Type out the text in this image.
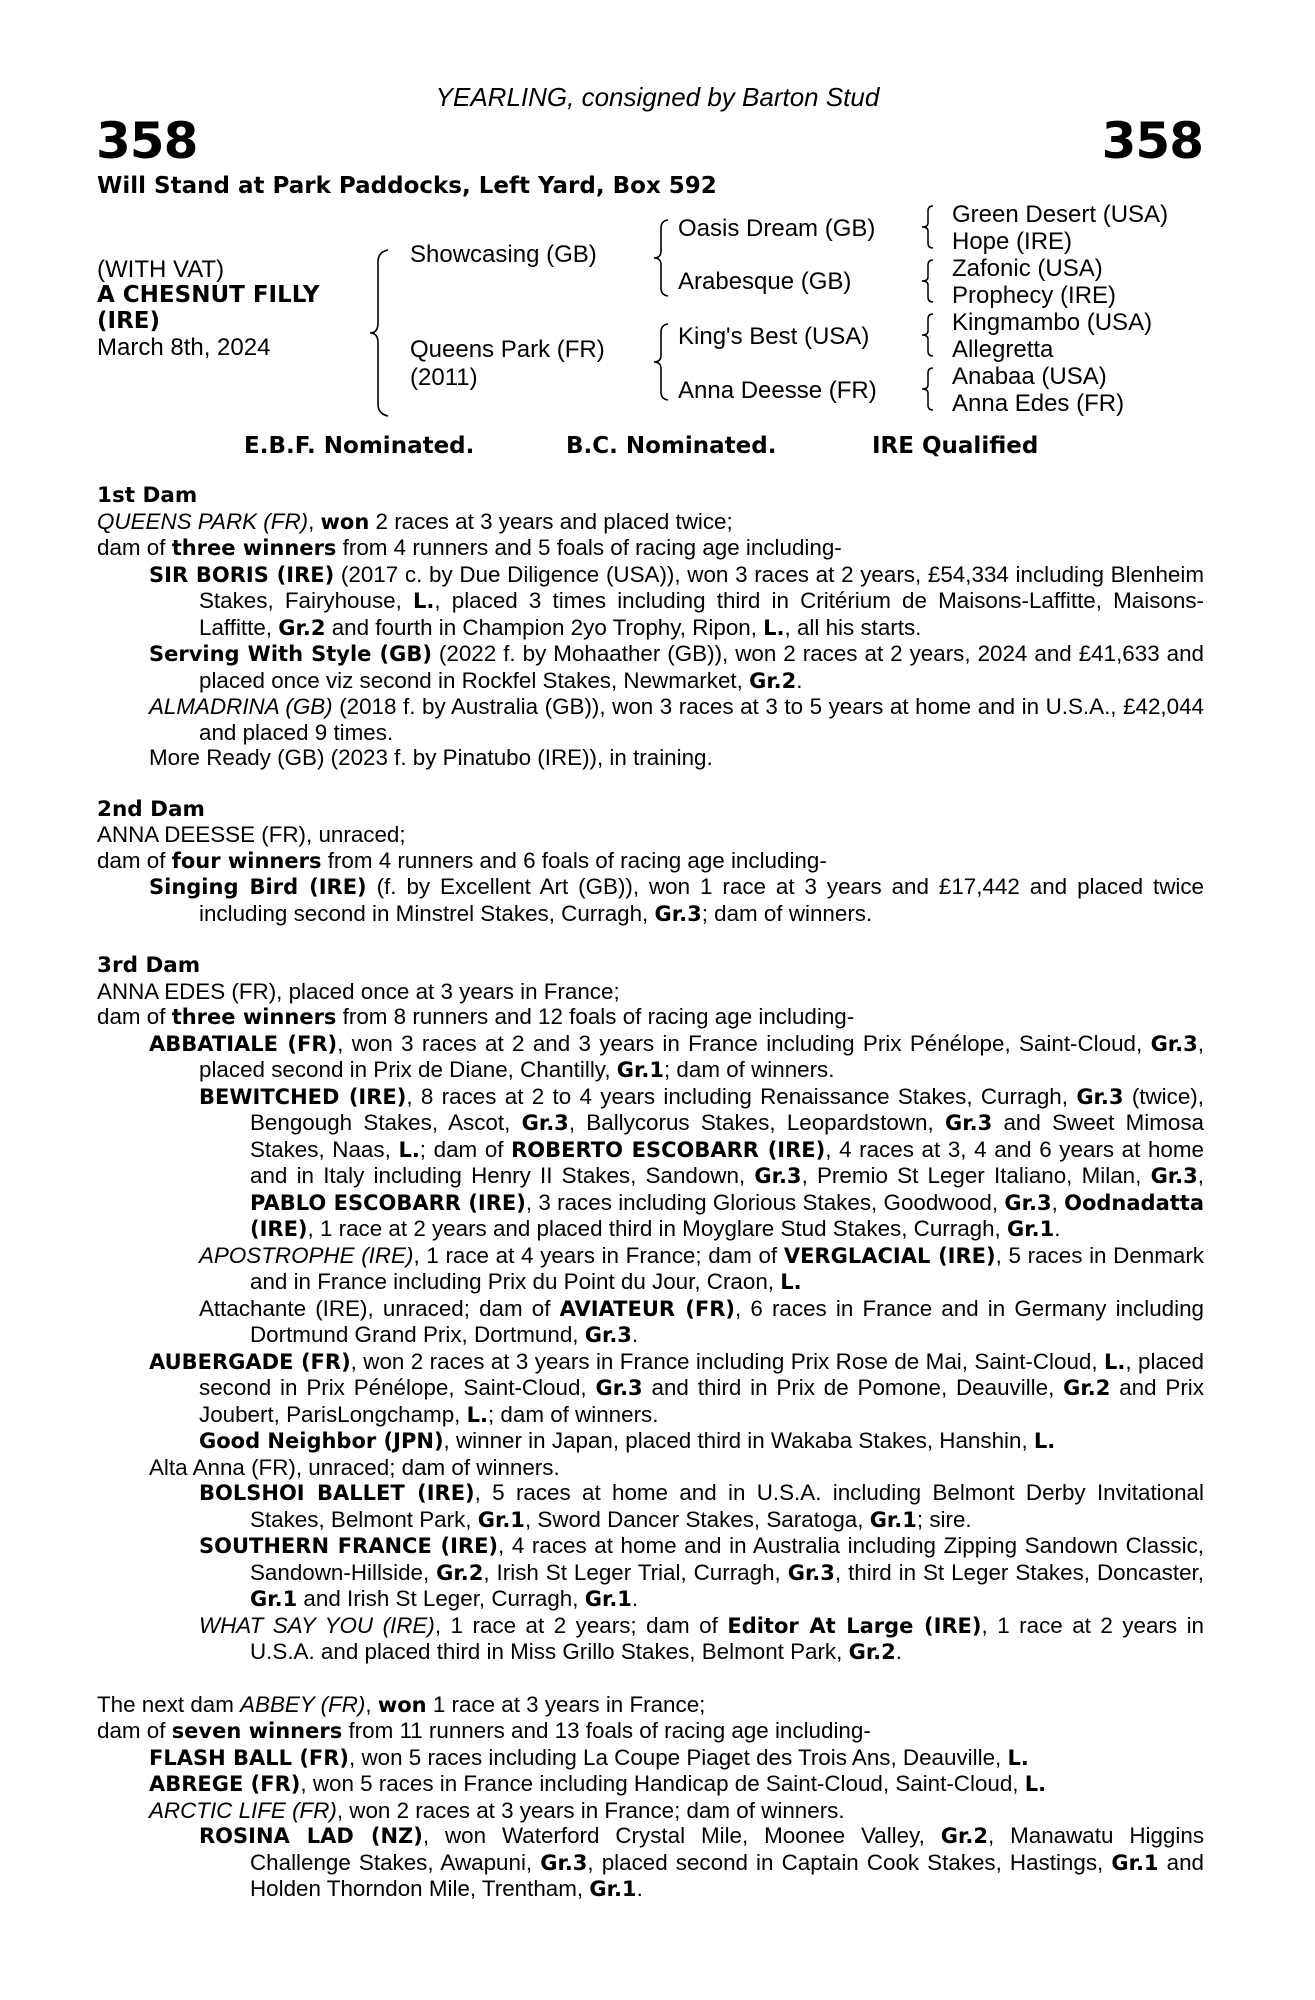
YEARLING, consigned by Barton Stud
358	358
Will Stand at Park Paddocks, Left Yard, Box 592
(WITH VAT)
A CHESNUT FILLY
(IRE)
March 8th, 2024
Showcasing (GB)
Queens Park (FR)
(2011)
Oasis Dream (GB)
Arabesque (GB)
King's Best (USA)
Anna Deesse (FR)
Green Desert (USA)
Hope (IRE)
Zafonic (USA)
Prophecy (IRE)
Kingmambo (USA)
Allegretta
Anabaa (USA)
Anna Edes (FR)
E.B.F. Nominated.	B.C. Nominated.	IRE Qualified
1st Dam

QUEENS PARK (FR), won 2 races at 3 years and placed twice;

dam of three winners from 4 runners and 5 foals of racing age including-

SIR BORIS (IRE) (2017 c. by Due Diligence (USA)), won 3 races at 2 years, £54,334 including Blenheim Stakes, Fairyhouse, L., placed 3 times including third in Critérium de Maisons-Laffitte, Maisons-Laffitte, Gr.2 and fourth in Champion 2yo Trophy, Ripon, L., all his starts.

Serving With Style (GB) (2022 f. by Mohaather (GB)), won 2 races at 2 years, 2024 and £41,633 and placed once viz second in Rockfel Stakes, Newmarket, Gr.2.

ALMADRINA (GB) (2018 f. by Australia (GB)), won 3 races at 3 to 5 years at home and in U.S.A., £42,044 and placed 9 times.

More Ready (GB) (2023 f. by Pinatubo (IRE)), in training.

2nd Dam

ANNA DEESSE (FR), unraced;

dam of four winners from 4 runners and 6 foals of racing age including-

Singing Bird (IRE) (f. by Excellent Art (GB)), won 1 race at 3 years and £17,442 and placed twice including second in Minstrel Stakes, Curragh, Gr.3; dam of winners.

3rd Dam

ANNA EDES (FR), placed once at 3 years in France;

dam of three winners from 8 runners and 12 foals of racing age including-

ABBATIALE (FR), won 3 races at 2 and 3 years in France including Prix Pénélope, Saint-Cloud, Gr.3, placed second in Prix de Diane, Chantilly, Gr.1; dam of winners.

BEWITCHED (IRE), 8 races at 2 to 4 years including Renaissance Stakes, Curragh, Gr.3 (twice), Bengough Stakes, Ascot, Gr.3, Ballycorus Stakes, Leopardstown, Gr.3 and Sweet Mimosa Stakes, Naas, L.; dam of ROBERTO ESCOBARR (IRE), 4 races at 3, 4 and 6 years at home and in Italy including Henry II Stakes, Sandown, Gr.3, Premio St Leger Italiano, Milan, Gr.3, PABLO ESCOBARR (IRE), 3 races including Glorious Stakes, Goodwood, Gr.3, Oodnadatta (IRE), 1 race at 2 years and placed third in Moyglare Stud Stakes, Curragh, Gr.1.

APOSTROPHE (IRE), 1 race at 4 years in France; dam of VERGLACIAL (IRE), 5 races in Denmark and in France including Prix du Point du Jour, Craon, L.

Attachante (IRE), unraced; dam of AVIATEUR (FR), 6 races in France and in Germany including Dortmund Grand Prix, Dortmund, Gr.3.

AUBERGADE (FR), won 2 races at 3 years in France including Prix Rose de Mai, Saint-Cloud, L., placed second in Prix Pénélope, Saint-Cloud, Gr.3 and third in Prix de Pomone, Deauville, Gr.2 and Prix Joubert, ParisLongchamp, L.; dam of winners.

Good Neighbor (JPN), winner in Japan, placed third in Wakaba Stakes, Hanshin, L.

Alta Anna (FR), unraced; dam of winners.

BOLSHOI BALLET (IRE), 5 races at home and in U.S.A. including Belmont Derby Invitational Stakes, Belmont Park, Gr.1, Sword Dancer Stakes, Saratoga, Gr.1; sire.

SOUTHERN FRANCE (IRE), 4 races at home and in Australia including Zipping Sandown Classic, Sandown-Hillside, Gr.2, Irish St Leger Trial, Curragh, Gr.3, third in St Leger Stakes, Doncaster, Gr.1 and Irish St Leger, Curragh, Gr.1.

WHAT SAY YOU (IRE), 1 race at 2 years; dam of Editor At Large (IRE), 1 race at 2 years in U.S.A. and placed third in Miss Grillo Stakes, Belmont Park, Gr.2.

The next dam ABBEY (FR), won 1 race at 3 years in France;

dam of seven winners from 11 runners and 13 foals of racing age including-

FLASH BALL (FR), won 5 races including La Coupe Piaget des Trois Ans, Deauville, L.

ABREGE (FR), won 5 races in France including Handicap de Saint-Cloud, Saint-Cloud, L.

ARCTIC LIFE (FR), won 2 races at 3 years in France; dam of winners.

ROSINA LAD (NZ), won Waterford Crystal Mile, Moonee Valley, Gr.2, Manawatu Higgins Challenge Stakes, Awapuni, Gr.3, placed second in Captain Cook Stakes, Hastings, Gr.1 and Holden Thorndon Mile, Trentham, Gr.1.
